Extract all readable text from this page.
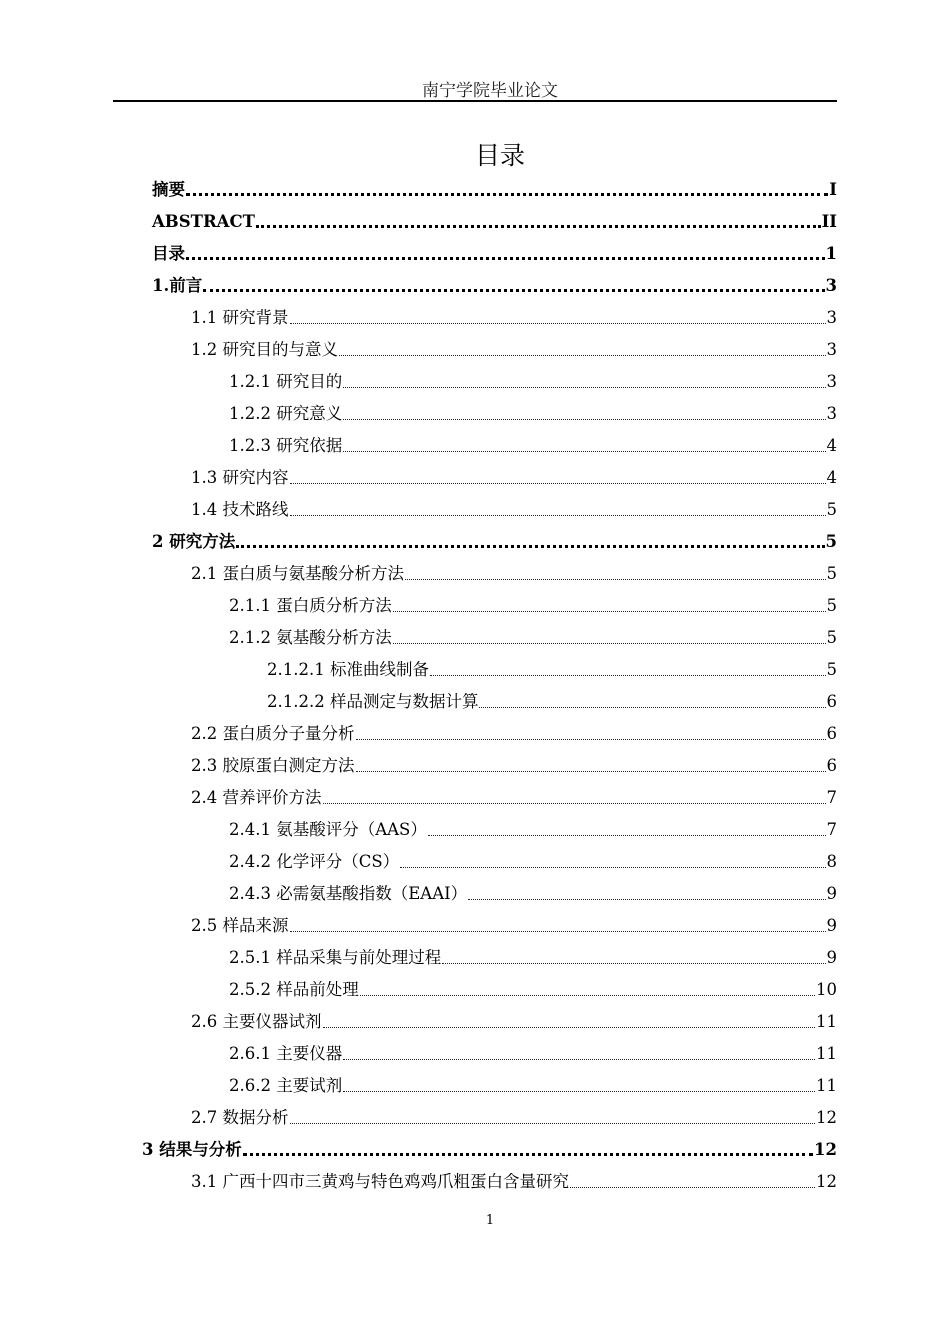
南宁学院毕业论文
目录
摘要	I
ABSTRACT	II
目录	1
1.前言	3
1.1 研究背景	3
1.2 研究目的与意义	3
1.2.1 研究目的	3
1.2.2 研究意义	3
1.2.3 研究依据	4
1.3 研究内容	4
1.4 技术路线	5
2 研究方法	5
2.1 蛋白质与氨基酸分析方法	5
2.1.1 蛋白质分析方法	5
2.1.2 氨基酸分析方法	5
2.1.2.1 标准曲线制备	5
2.1.2.2 样品测定与数据计算	6
2.2 蛋白质分子量分析	6
2.3 胶原蛋白测定方法	6
2.4 营养评价方法	7
2.4.1 氨基酸评分（AAS）	7
2.4.2 化学评分（CS）	8
2.4.3 必需氨基酸指数（EAAI）	9
2.5 样品来源	9
2.5.1 样品采集与前处理过程	9
2.5.2 样品前处理	10
2.6 主要仪器试剂	11
2.6.1 主要仪器	11
2.6.2 主要试剂	11
2.7 数据分析	12
3 结果与分析	12
3.1 广西十四市三黄鸡与特色鸡鸡爪粗蛋白含量研究	12
1
